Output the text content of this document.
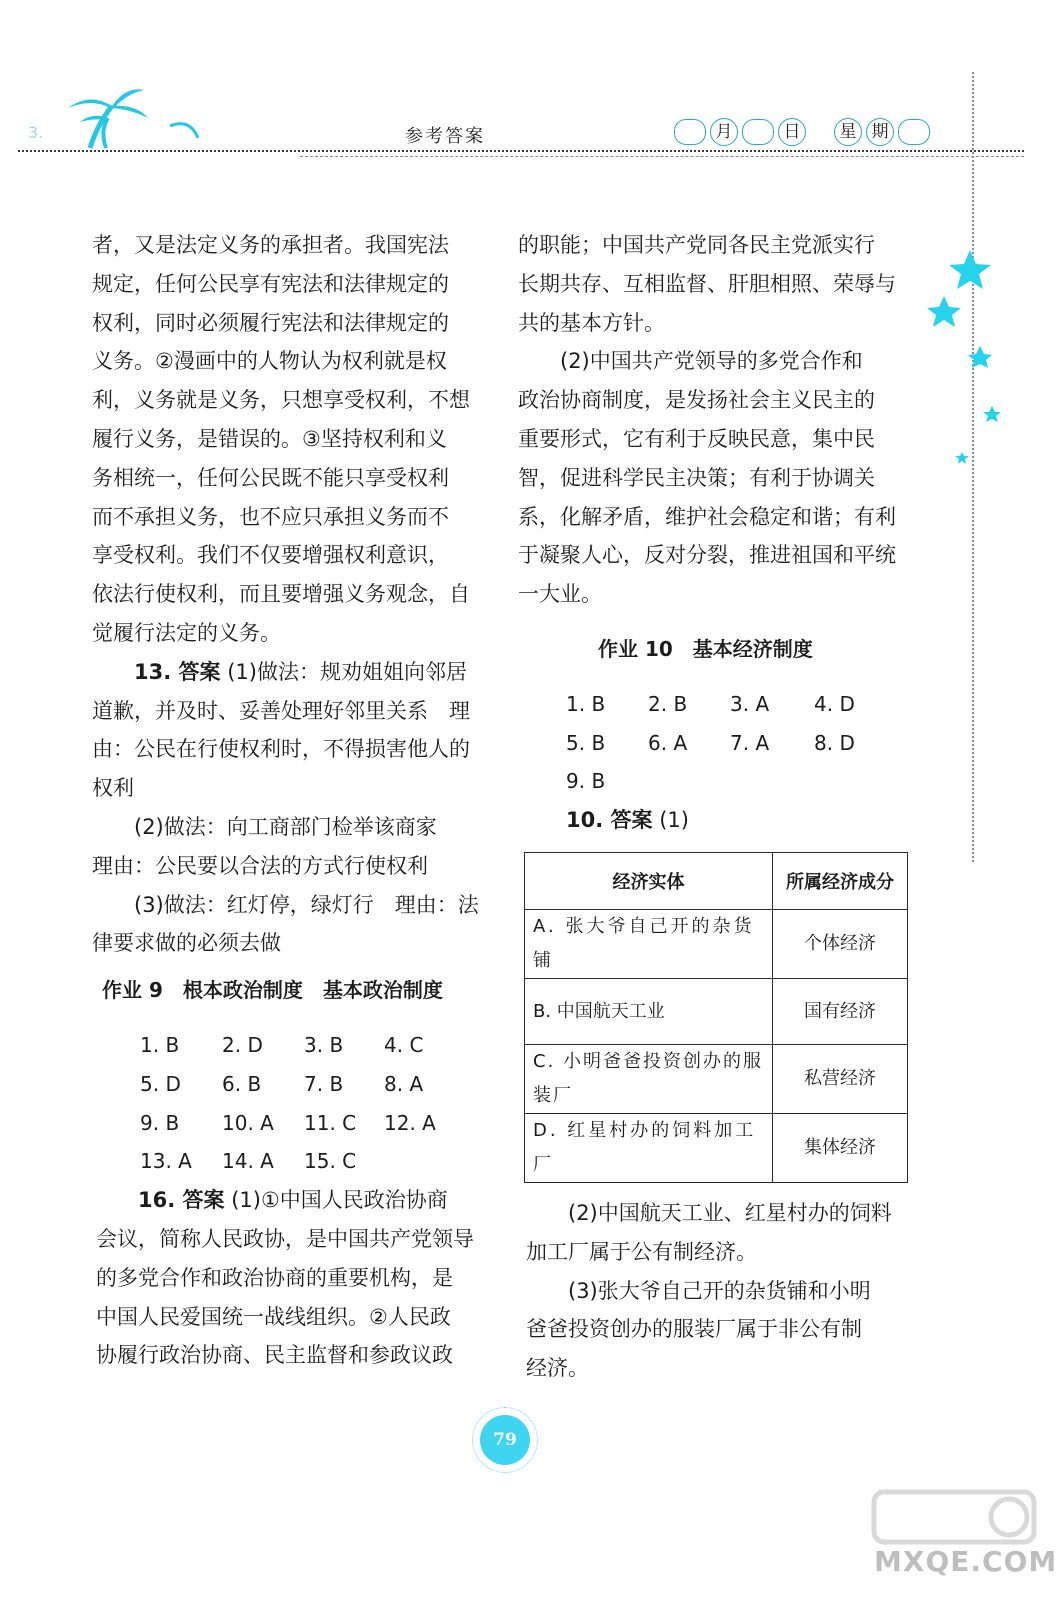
3.	参考答案	月	日	星 期

者，又是法定义务的承担者。我国宪法

规定，任何公民享有宪法和法律规定的

权利，同时必须履行宪法和法律规定的

义务。②漫画中的人物认为权利就是权

利，义务就是义务，只想享受权利，不想

履行义务，是错误的。③坚持权利和义

务相统一，任何公民既不能只享受权利

而不承担义务，也不应只承担义务而不

享受权利。我们不仅要增强权利意识，

依法行使权利，而且要增强义务观念，自

觉履行法定的义务。

13. 答案 (1)做法：规劝姐姐向邻居

道歉，并及时、妥善处理好邻里关系　理

由：公民在行使权利时，不得损害他人的

权利

(2)做法：向工商部门检举该商家

理由：公民要以合法的方式行使权利

(3)做法：红灯停，绿灯行　理由：法

律要求做的必须去做

作业 9　根本政治制度　基本政治制度

1. B	2. D	3. B	4. C
5. D	6. B	7. B	8. A
9. B	10. A	11. C	12. A
13. A	14. A	15. C

16. 答案 (1)①中国人民政治协商

会议，简称人民政协，是中国共产党领导

的多党合作和政治协商的重要机构，是

中国人民爱国统一战线组织。②人民政

协履行政治协商、民主监督和参政议政

的职能；中国共产党同各民主党派实行

长期共存、互相监督、肝胆相照、荣辱与

共的基本方针。

(2)中国共产党领导的多党合作和

政治协商制度，是发扬社会主义民主的

重要形式，它有利于反映民意，集中民

智，促进科学民主决策；有利于协调关

系，化解矛盾，维护社会稳定和谐；有利

于凝聚人心，反对分裂，推进祖国和平统

一大业。

作业 10　基本经济制度

1. B	2. B	3. A	4. D
5. B	6. A	7. A	8. D
9. B

10. 答案 (1)

经济实体	所属经济成分
A. 张大爷自己开的杂货铺	个体经济
B. 中国航天工业	国有经济
C. 小明爸爸投资创办的服装厂	私营经济
D. 红星村办的饲料加工厂	集体经济

(2)中国航天工业、红星村办的饲料

加工厂属于公有制经济。

(3)张大爷自己开的杂货铺和小明

爸爸投资创办的服装厂属于非公有制

经济。

79
MXQE.COM
